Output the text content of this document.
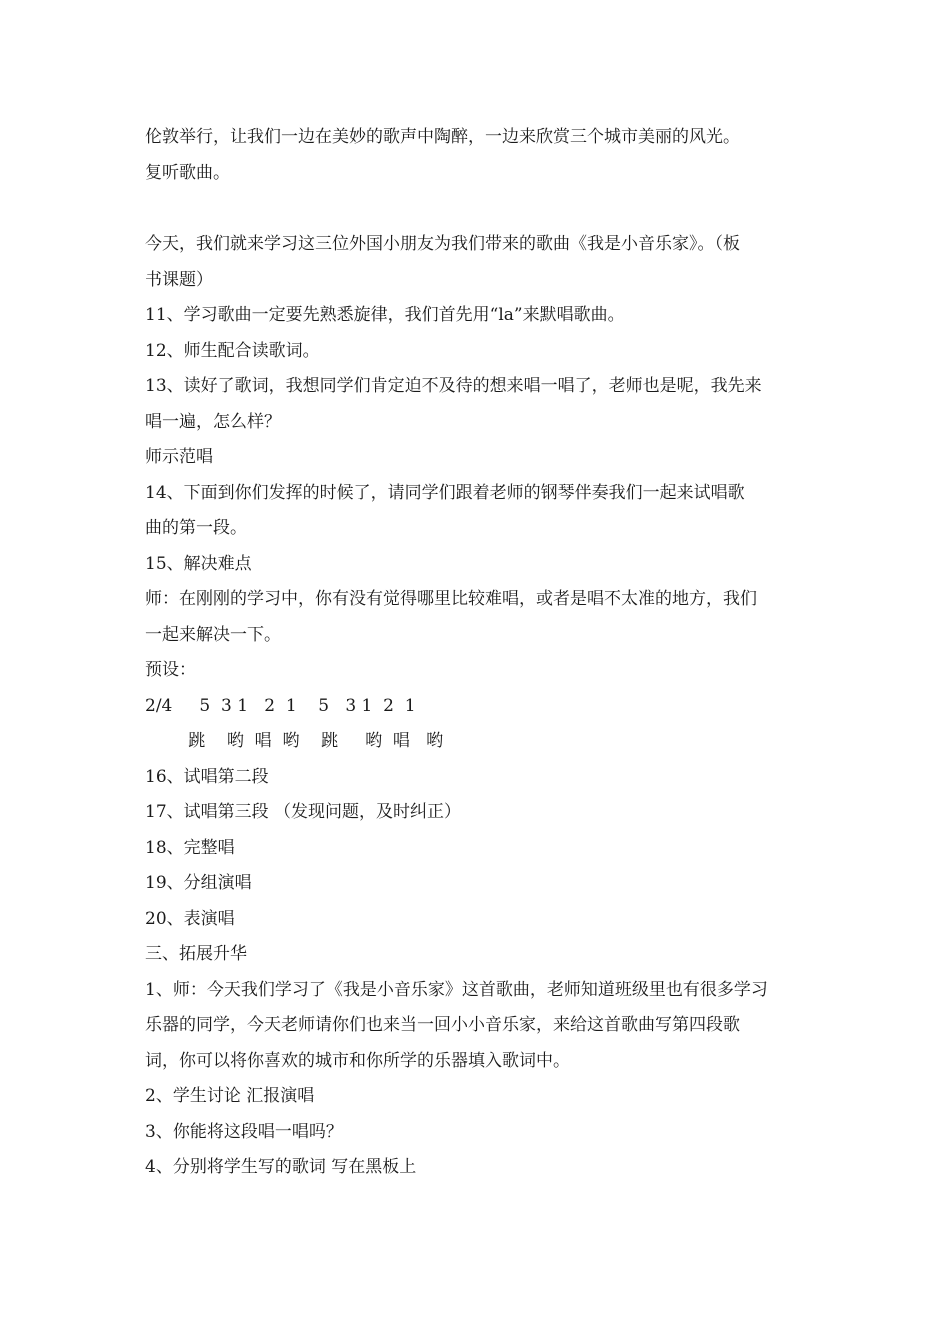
伦敦举行，让我们一边在美妙的歌声中陶醉，一边来欣赏三个城市美丽的风光。
复听歌曲。
今天，我们就来学习这三位外国小朋友为我们带来的歌曲《我是小音乐家》。（板
书课题）
11、学习歌曲一定要先熟悉旋律，我们首先用“la”来默唱歌曲。
12、师生配合读歌词。
13、读好了歌词，我想同学们肯定迫不及待的想来唱一唱了，老师也是呢，我先来
唱一遍，怎么样？
师示范唱
14、下面到你们发挥的时候了，请同学们跟着老师的钢琴伴奏我们一起来试唱歌
曲的第一段。
15、解决难点
师：在刚刚的学习中，你有没有觉得哪里比较难唱，或者是唱不太准的地方，我们
一起来解决一下。
预设：
2/4     5  3 1   2  1    5   3 1  2  1
跳    哟  唱  哟    跳     哟  唱   哟
16、试唱第二段
17、试唱第三段 （发现问题，及时纠正）
18、完整唱
19、分组演唱
20、表演唱
三、拓展升华
1、师：今天我们学习了《我是小音乐家》这首歌曲，老师知道班级里也有很多学习
乐器的同学，今天老师请你们也来当一回小小音乐家，来给这首歌曲写第四段歌
词，你可以将你喜欢的城市和你所学的乐器填入歌词中。
2、学生讨论 汇报演唱
3、你能将这段唱一唱吗？
4、分别将学生写的歌词 写在黑板上
